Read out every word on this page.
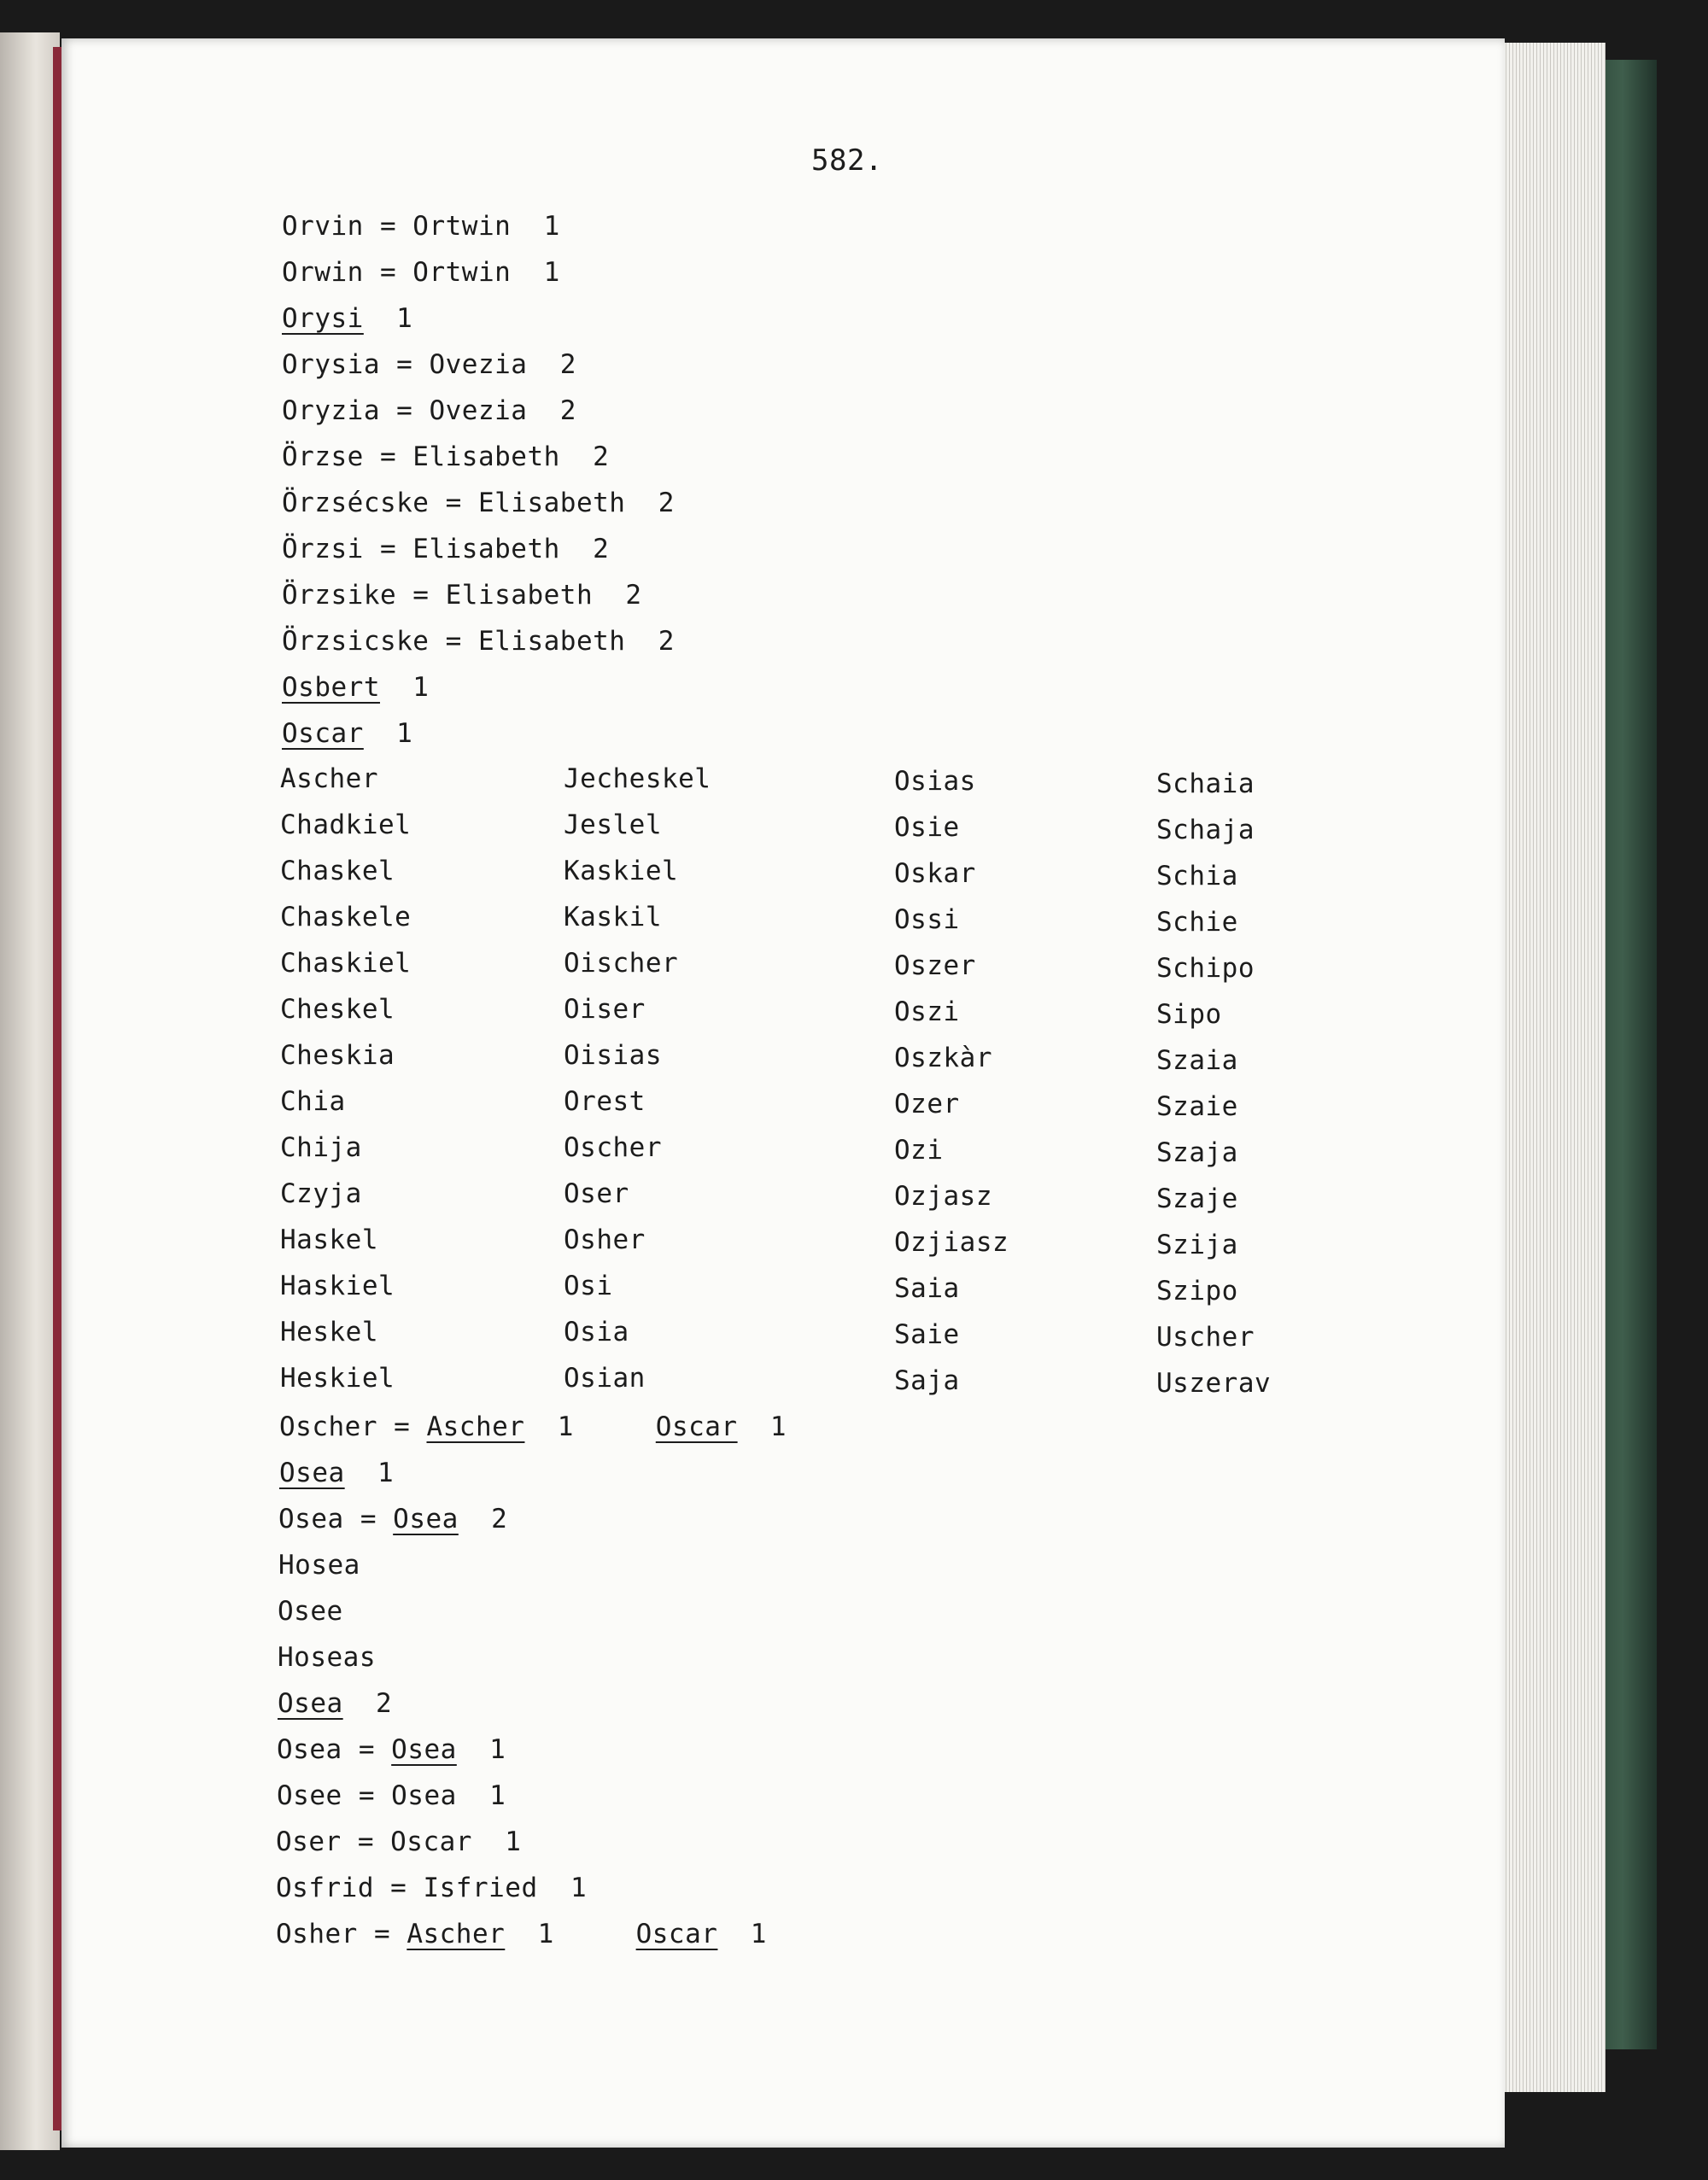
582.
Orvin = Ortwin  1
Orwin = Ortwin  1
Orysi  1
Orysia = Ovezia  2
Oryzia = Ovezia  2
Örzse = Elisabeth  2
Örzsécske = Elisabeth  2
Örzsi = Elisabeth  2
Örzsike = Elisabeth  2
Örzsicske = Elisabeth  2
Osbert  1
Oscar  1
Ascher
Chadkiel
Chaskel
Chaskele
Chaskiel
Cheskel
Cheskia
Chia
Chija
Czyja
Haskel
Haskiel
Heskel
Heskiel
Jecheskel
Jeslel
Kaskiel
Kaskil
Oischer
Oiser
Oisias
Orest
Oscher
Oser
Osher
Osi
Osia
Osian
Osias
Osie
Oskar
Ossi
Oszer
Oszi
Oszkàr
Ozer
Ozi
Ozjasz
Ozjiasz
Saia
Saie
Saja
Schaia
Schaja
Schia
Schie
Schipo
Sipo
Szaia
Szaie
Szaja
Szaje
Szija
Szipo
Uscher
Uszerav
Oscher = Ascher  1     Oscar  1
Osea  1
Osea = Osea  2
Hosea
Osee
Hoseas
Osea  2
Osea = Osea  1
Osee = Osea  1
Oser = Oscar  1
Osfrid = Isfried  1
Osher = Ascher  1     Oscar  1
